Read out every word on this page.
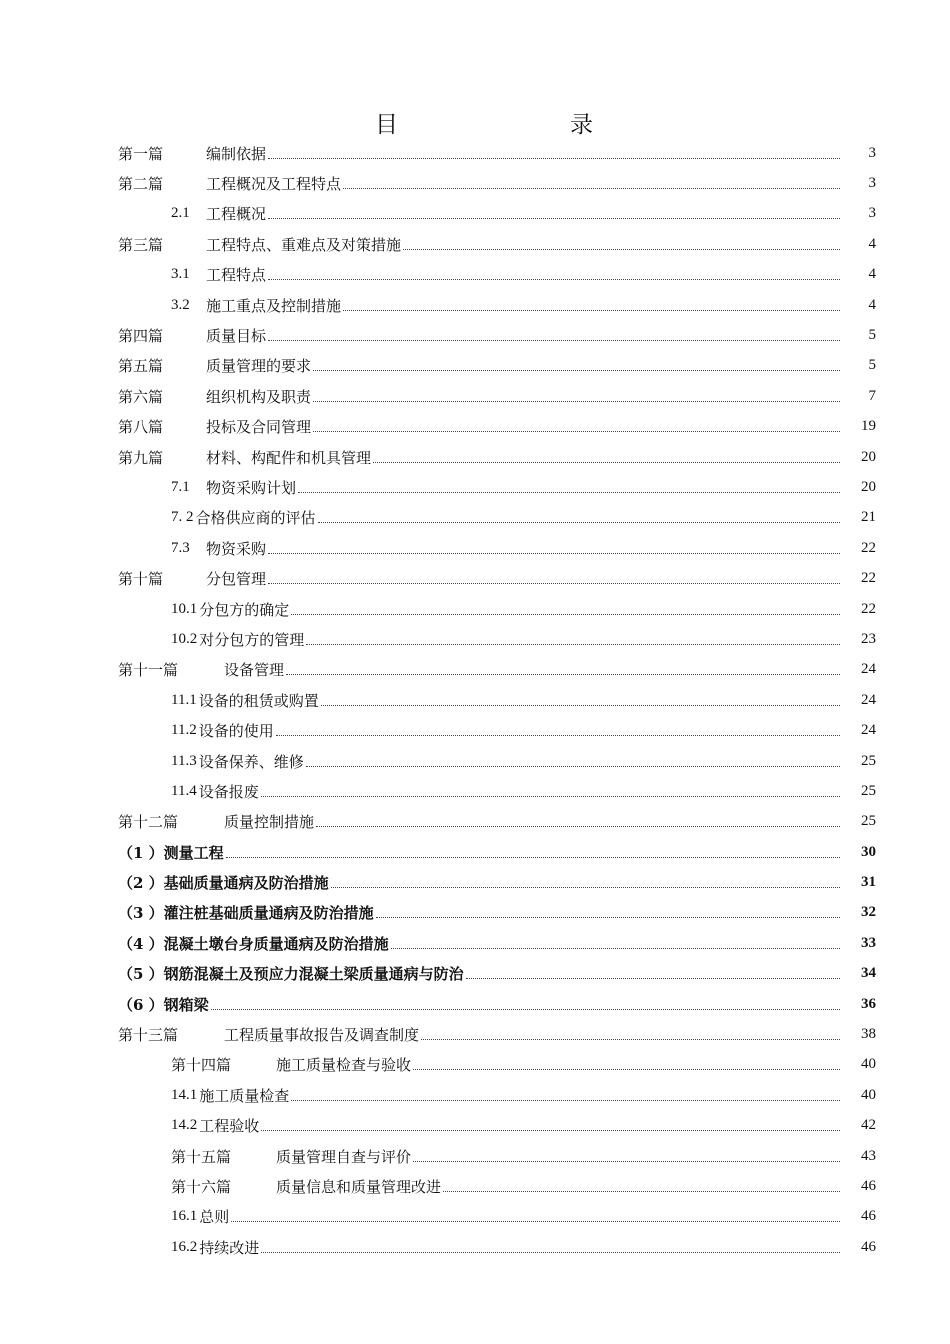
目	录
第一篇	编制依据	3
第二篇	工程概况及工程特点	3
2.1	工程概况	3
第三篇	工程特点、重难点及对策措施	4
3.1	工程特点	4
3.2	施工重点及控制措施	4
第四篇	质量目标	5
第五篇	质量管理的要求	5
第六篇	组织机构及职责	7
第八篇	投标及合同管理	19
第九篇	材料、构配件和机具管理	20
7.1	物资采购计划	20
7. 2 合格供应商的评估	21
7.3	物资采购	22
第十篇	分包管理	22
10.1 分包方的确定	22
10.2 对分包方的管理	23
第十一篇	设备管理	24
11.1 设备的租赁或购置	24
11.2 设备的使用	24
11.3 设备保养、维修	25
11.4 设备报废	25
第十二篇	质量控制措施	25
（1 ） 测量工程	30
（2 ） 基础质量通病及防治措施	31
（3 ） 灌注桩基础质量通病及防治措施	32
（4 ） 混凝土墩台身质量通病及防治措施	33
（5 ） 钢筋混凝土及预应力混凝土梁质量通病与防治	34
（6 ） 钢箱梁	36
第十三篇	工程质量事故报告及调查制度	38
第十四篇	施工质量检查与验收	40
14.1 施工质量检查	40
14.2 工程验收	42
第十五篇	质量管理自查与评价	43
第十六篇	质量信息和质量管理改进	46
16.1 总则	46
16.2 持续改进	46
